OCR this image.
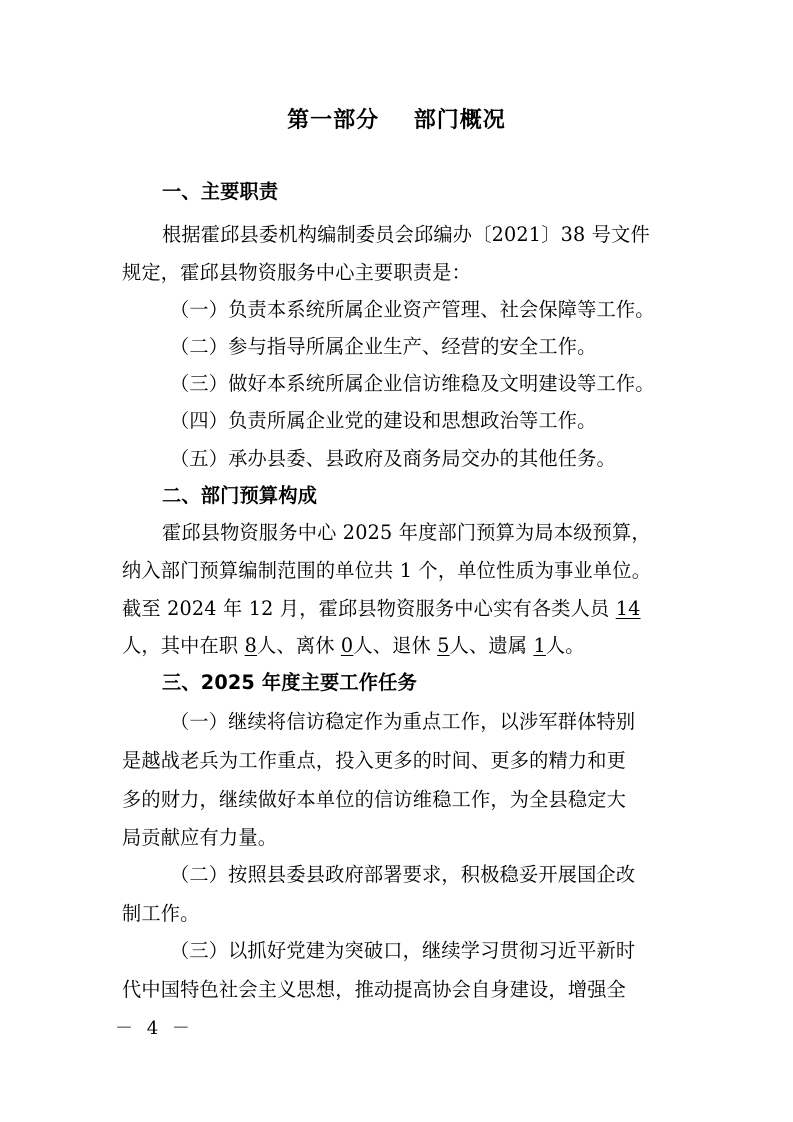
第一部分    部门概况
一、主要职责
根据霍邱县委机构编制委员会邱编办〔2021〕38 号文件
规定，霍邱县物资服务中心主要职责是：
（一）负责本系统所属企业资产管理、社会保障等工作。
（二）参与指导所属企业生产、经营的安全工作。
（三）做好本系统所属企业信访维稳及文明建设等工作。
（四）负责所属企业党的建设和思想政治等工作。
（五）承办县委、县政府及商务局交办的其他任务。
二、部门预算构成
霍邱县物资服务中心 2025 年度部门预算为局本级预算，
纳入部门预算编制范围的单位共 1 个，单位性质为事业单位。
截至 2024 年 12 月，霍邱县物资服务中心实有各类人员 14
人，其中在职 8人、离休 0人、退休 5人、遗属 1人。
三、2025 年度主要工作任务
（一）继续将信访稳定作为重点工作，以涉军群体特别
是越战老兵为工作重点，投入更多的时间、更多的精力和更
多的财力，继续做好本单位的信访维稳工作，为全县稳定大
局贡献应有力量。
（二）按照县委县政府部署要求，积极稳妥开展国企改
制工作。
（三）以抓好党建为突破口，继续学习贯彻习近平新时
代中国特色社会主义思想，推动提高协会自身建设，增强全
－ 4 －
